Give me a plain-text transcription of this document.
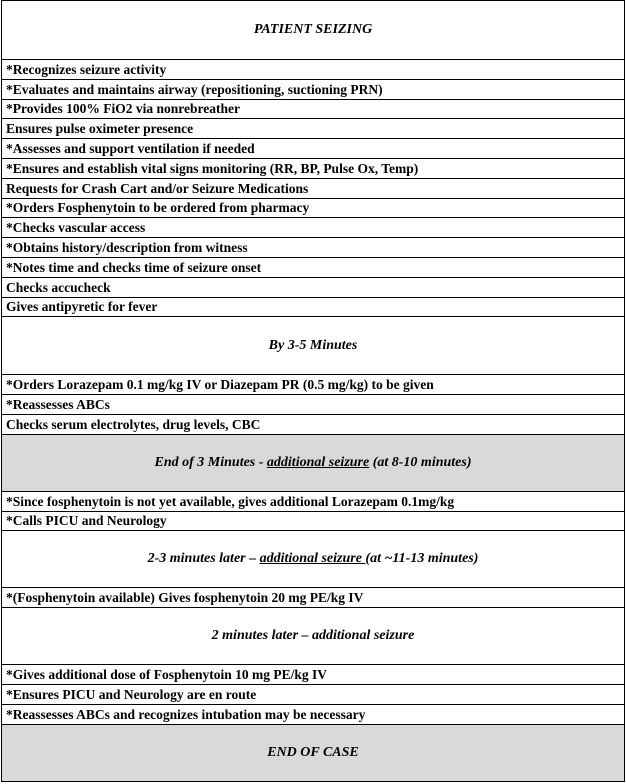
PATIENT SEIZING
*Recognizes seizure activity
*Evaluates and maintains airway (repositioning, suctioning PRN)
*Provides 100% FiO2 via nonrebreather
Ensures pulse oximeter presence
*Assesses and support ventilation if needed
*Ensures and establish vital signs monitoring (RR, BP, Pulse Ox, Temp)
Requests for Crash Cart and/or Seizure Medications
*Orders Fosphenytoin to be ordered from pharmacy
*Checks vascular access
*Obtains history/description from witness
*Notes time and checks time of seizure onset
Checks accucheck
Gives antipyretic for fever
By 3-5 Minutes
*Orders Lorazepam 0.1 mg/kg IV or Diazepam PR (0.5 mg/kg) to be given
*Reassesses ABCs
Checks serum electrolytes, drug levels, CBC
End of 3 Minutes - additional seizure (at 8-10 minutes)
*Since fosphenytoin is not yet available, gives additional Lorazepam 0.1mg/kg
*Calls PICU and Neurology
2-3 minutes later – additional seizure (at ~11-13 minutes)
*(Fosphenytoin available) Gives fosphenytoin 20 mg PE/kg IV
2 minutes later – additional seizure
*Gives additional dose of Fosphenytoin 10 mg PE/kg IV
*Ensures PICU and Neurology are en route
*Reassesses ABCs and recognizes intubation may be necessary
END OF CASE
